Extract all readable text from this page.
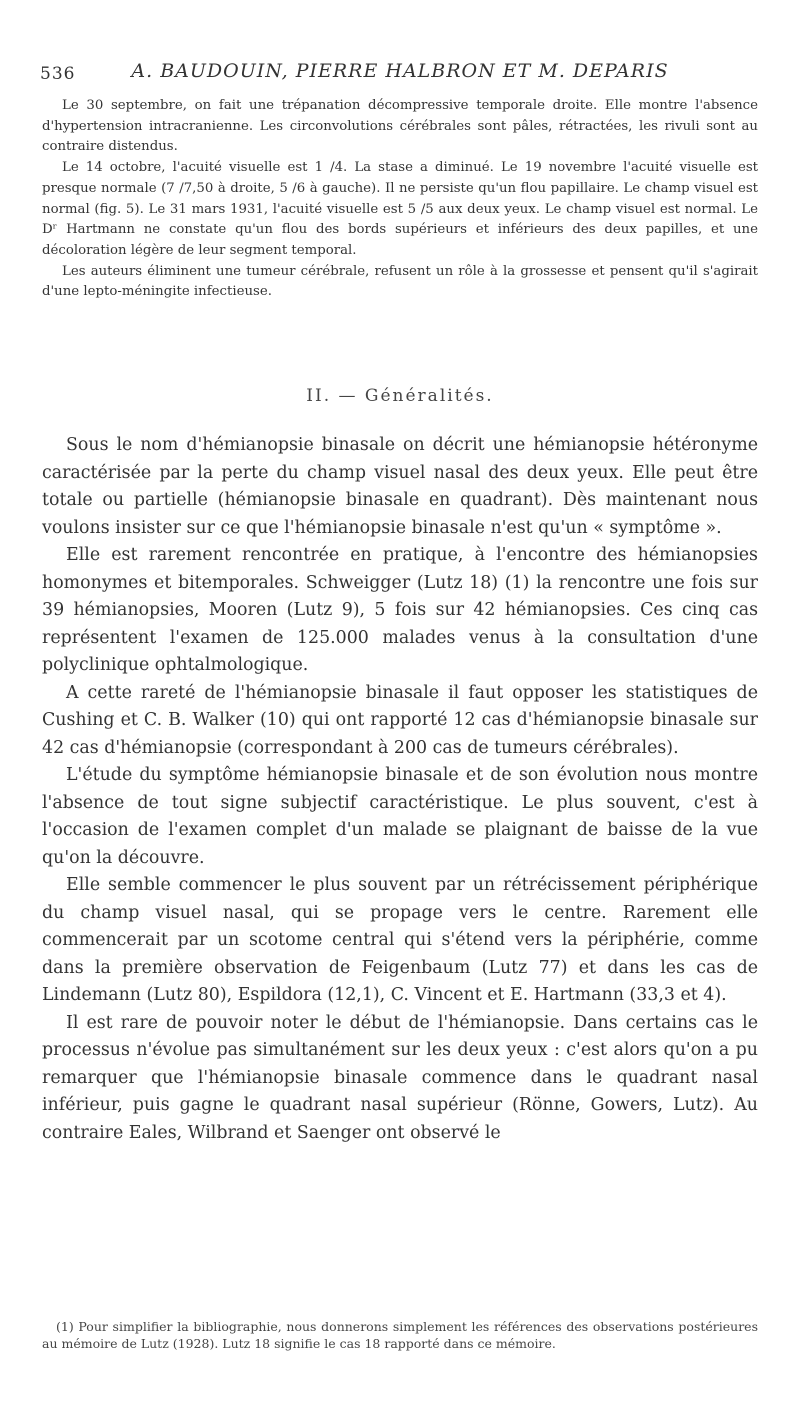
536	A. BAUDOUIN, PIERRE HALBRON ET M. DEPARIS

Le 30 septembre, on fait une trépanation décompressive temporale droite. Elle montre l'absence d'hypertension intracranienne. Les circonvolutions cérébrales sont pâles, rétractées, les rivuli sont au contraire distendus.

Le 14 octobre, l'acuité visuelle est 1 /4. La stase a diminué. Le 19 novembre l'acuité visuelle est presque normale (7 /7,50 à droite, 5 /6 à gauche). Il ne persiste qu'un flou papillaire. Le champ visuel est normal (fig. 5). Le 31 mars 1931, l'acuité visuelle est 5 /5 aux deux yeux. Le champ visuel est normal. Le Dʳ Hartmann ne constate qu'un flou des bords supérieurs et inférieurs des deux papilles, et une décoloration légère de leur segment temporal.

Les auteurs éliminent une tumeur cérébrale, refusent un rôle à la grossesse et pensent qu'il s'agirait d'une lepto-méningite infectieuse.

II. — Généralités.

Sous le nom d'hémianopsie binasale on décrit une hémianopsie hétéronyme caractérisée par la perte du champ visuel nasal des deux yeux. Elle peut être totale ou partielle (hémianopsie binasale en quadrant). Dès maintenant nous voulons insister sur ce que l'hémianopsie binasale n'est qu'un « symptôme ».

Elle est rarement rencontrée en pratique, à l'encontre des hémianopsies homonymes et bitemporales. Schweigger (Lutz 18) (1) la rencontre une fois sur 39 hémianopsies, Mooren (Lutz 9), 5 fois sur 42 hémianopsies. Ces cinq cas représentent l'examen de 125.000 malades venus à la consultation d'une polyclinique ophtalmologique.

A cette rareté de l'hémianopsie binasale il faut opposer les statistiques de Cushing et C. B. Walker (10) qui ont rapporté 12 cas d'hémianopsie binasale sur 42 cas d'hémianopsie (correspondant à 200 cas de tumeurs cérébrales).

L'étude du symptôme hémianopsie binasale et de son évolution nous montre l'absence de tout signe subjectif caractéristique. Le plus souvent, c'est à l'occasion de l'examen complet d'un malade se plaignant de baisse de la vue qu'on la découvre.

Elle semble commencer le plus souvent par un rétrécissement périphérique du champ visuel nasal, qui se propage vers le centre. Rarement elle commencerait par un scotome central qui s'étend vers la périphérie, comme dans la première observation de Feigenbaum (Lutz 77) et dans les cas de Lindemann (Lutz 80), Espildora (12,1), C. Vincent et E. Hartmann (33,3 et 4).

Il est rare de pouvoir noter le début de l'hémianopsie. Dans certains cas le processus n'évolue pas simultanément sur les deux yeux : c'est alors qu'on a pu remarquer que l'hémianopsie binasale commence dans le quadrant nasal inférieur, puis gagne le quadrant nasal supérieur (Rönne, Gowers, Lutz). Au contraire Eales, Wilbrand et Saenger ont observé le

(1) Pour simplifier la bibliographie, nous donnerons simplement les références des observations postérieures au mémoire de Lutz (1928). Lutz 18 signifie le cas 18 rapporté dans ce mémoire.
